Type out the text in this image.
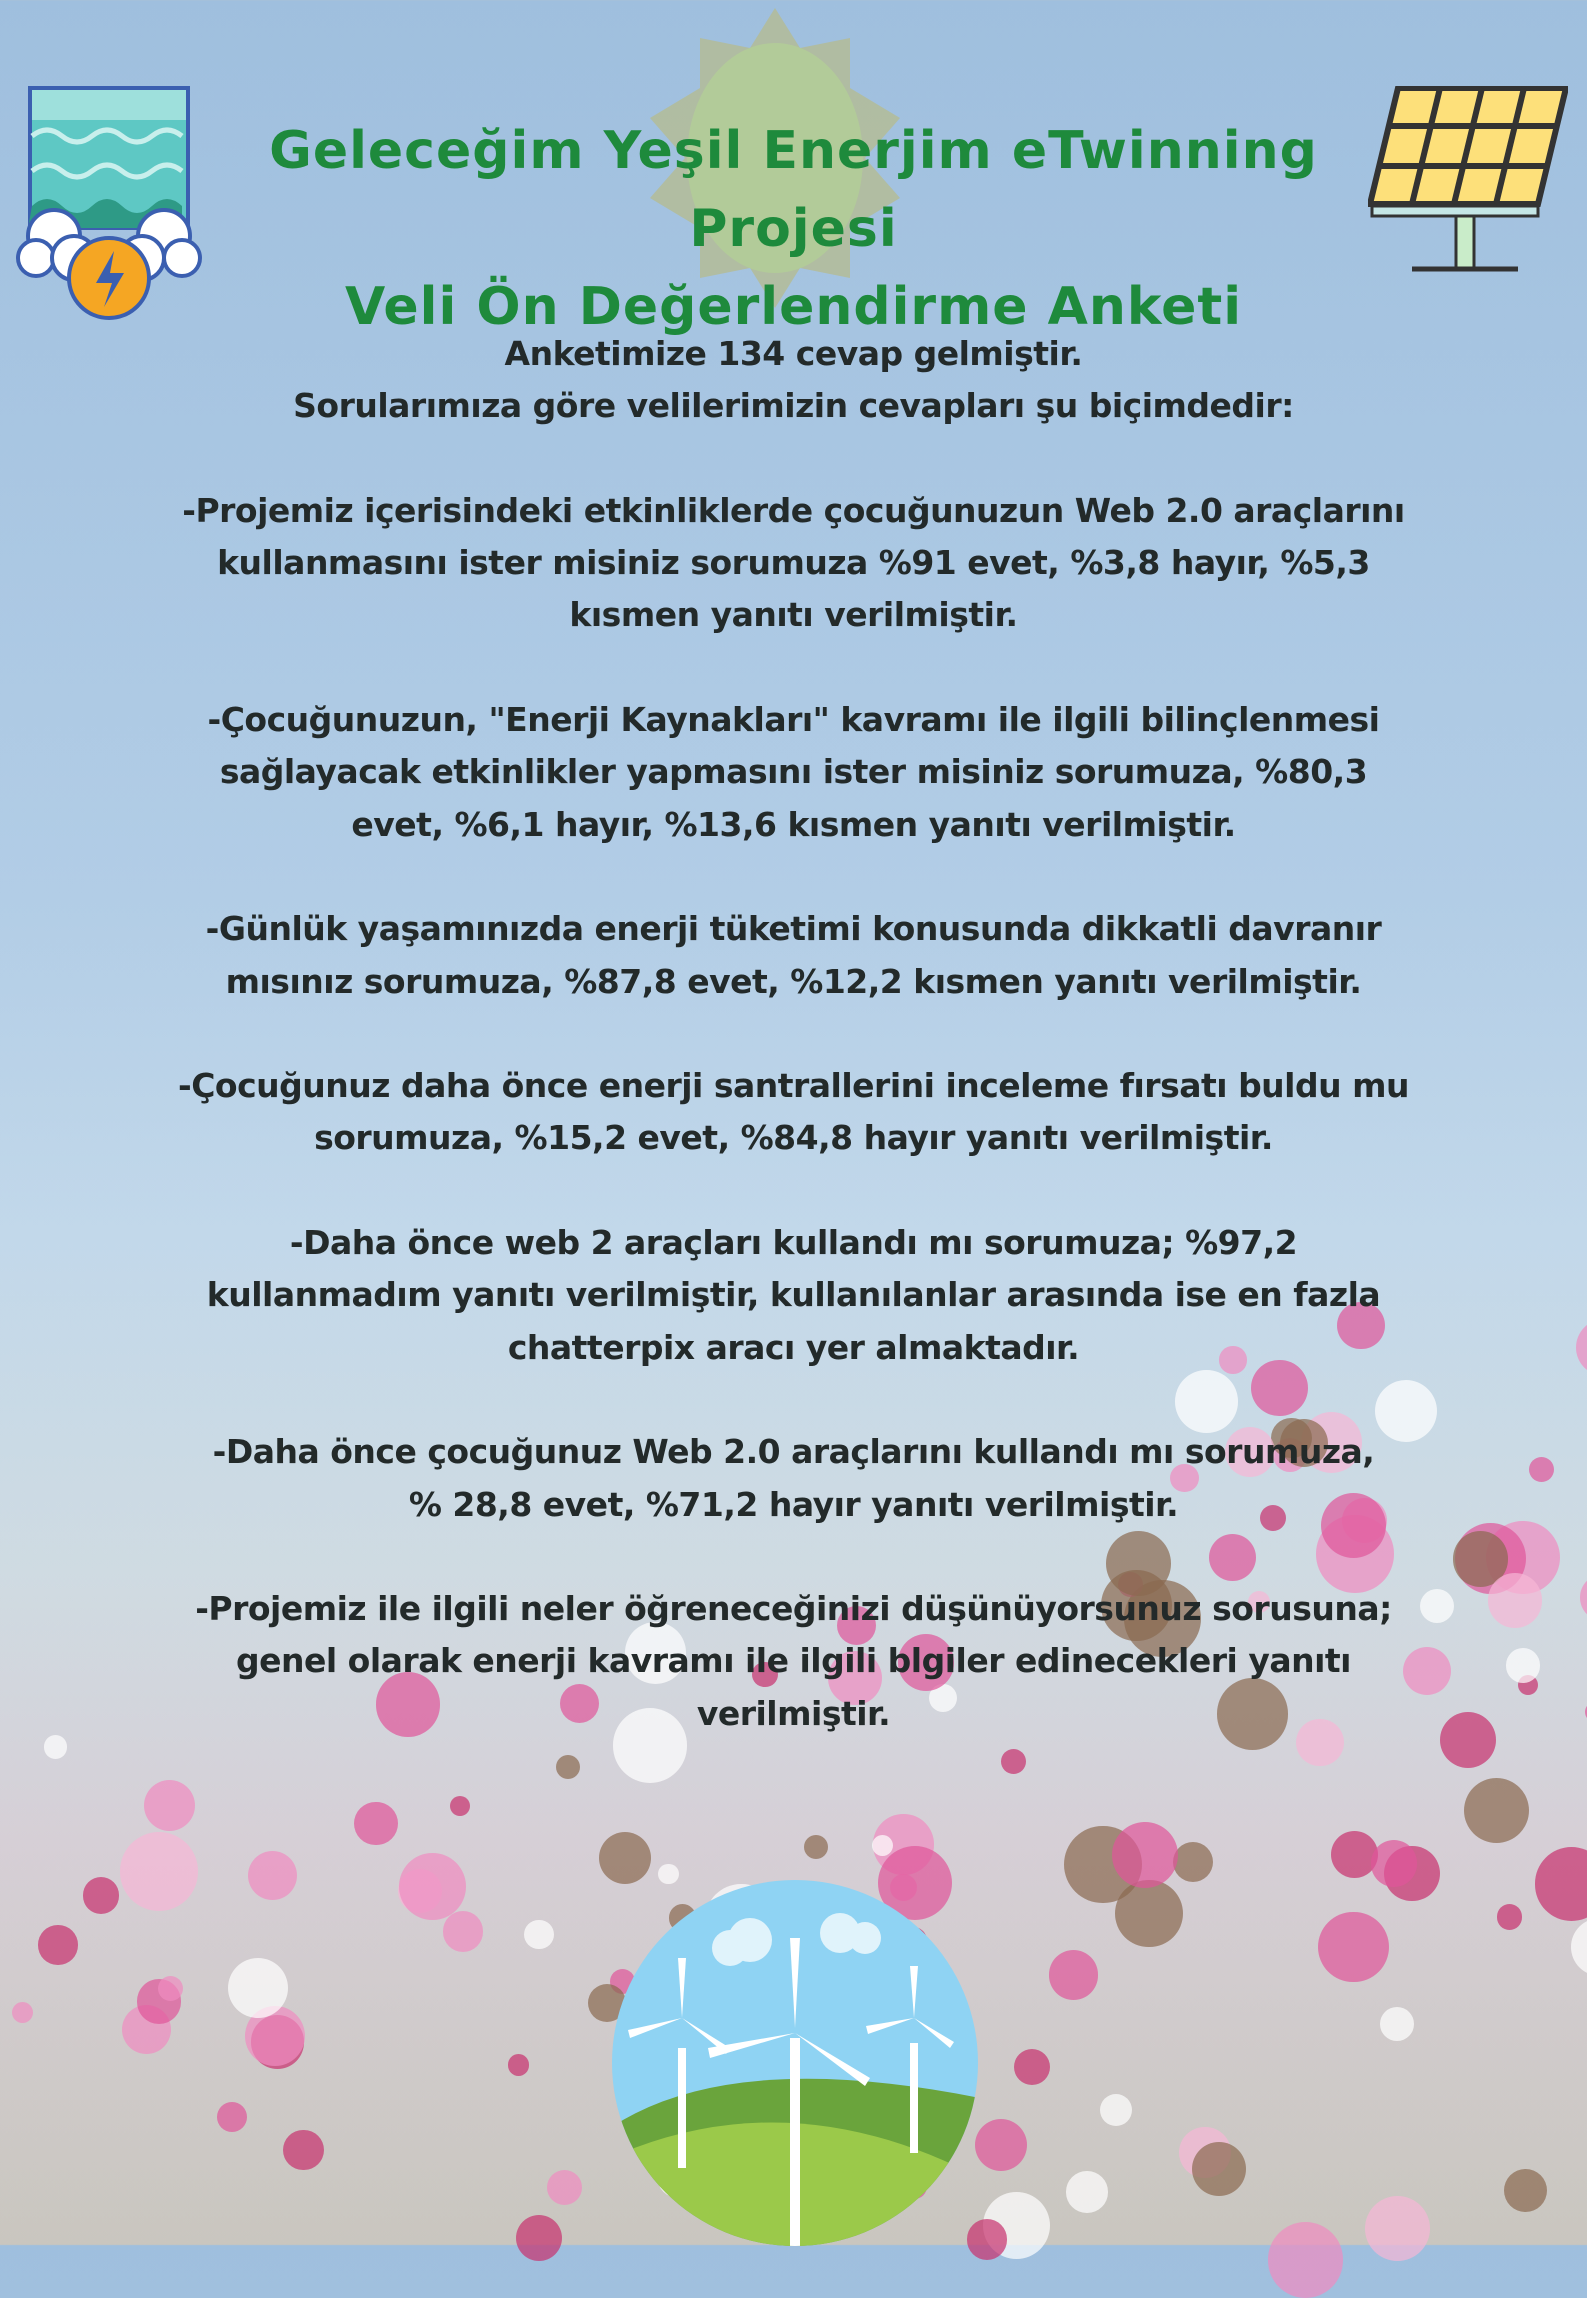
Geleceğim Yeşil Enerjim eTwinning Projesi
Veli Ön Değerlendirme Anketi
Anketimize 134 cevap gelmiştir.
Sorularımıza göre velilerimizin cevapları şu biçimdedir:
-Projemiz içerisindeki etkinliklerde çocuğunuzun Web 2.0 araçlarını
kullanmasını ister misiniz sorumuza %91 evet, %3,8 hayır, %5,3
kısmen yanıtı verilmiştir.
-Çocuğunuzun, "Enerji Kaynakları" kavramı ile ilgili bilinçlenmesi
sağlayacak etkinlikler yapmasını ister misiniz sorumuza, %80,3
evet, %6,1 hayır, %13,6 kısmen yanıtı verilmiştir.
-Günlük yaşamınızda enerji tüketimi konusunda dikkatli davranır
mısınız sorumuza, %87,8 evet, %12,2 kısmen yanıtı verilmiştir.
-Çocuğunuz daha önce enerji santrallerini inceleme fırsatı buldu mu
sorumuza, %15,2 evet, %84,8 hayır yanıtı verilmiştir.
-Daha önce web 2 araçları kullandı mı sorumuza; %97,2
kullanmadım yanıtı verilmiştir, kullanılanlar arasında ise en fazla
chatterpix aracı yer almaktadır.
-Daha önce çocuğunuz Web 2.0 araçlarını kullandı mı sorumuza,
% 28,8 evet, %71,2 hayır yanıtı verilmiştir.
-Projemiz ile ilgili neler öğreneceğinizi düşünüyorsunuz sorusuna;
genel olarak enerji kavramı ile ilgili blgiler edinecekleri yanıtı
verilmiştir.
